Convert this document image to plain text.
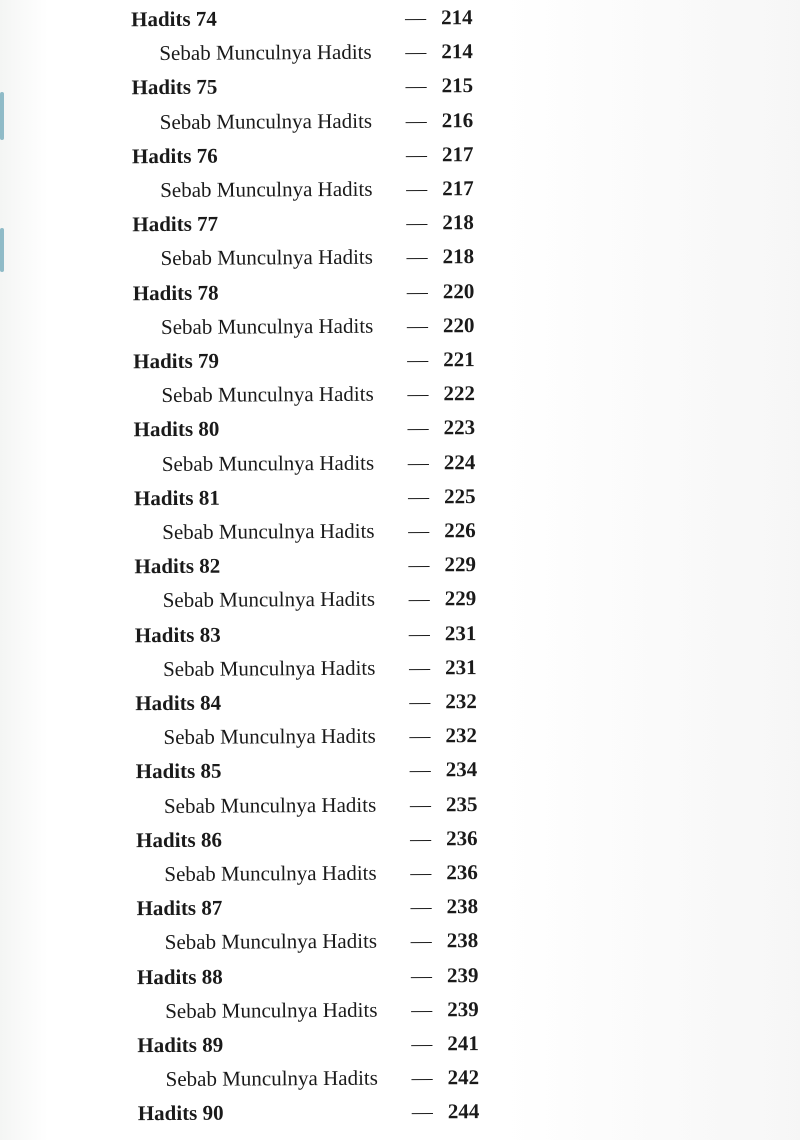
Hadits 74	— 214
Sebab Munculnya Hadits — 214
Hadits 75	— 215
Sebab Munculnya Hadits — 216
Hadits 76	— 217
Sebab Munculnya Hadits — 217
Hadits 77	— 218
Sebab Munculnya Hadits — 218
Hadits 78	— 220
Sebab Munculnya Hadits — 220
Hadits 79	— 221
Sebab Munculnya Hadits — 222
Hadits 80	— 223
Sebab Munculnya Hadits — 224
Hadits 81	— 225
Sebab Munculnya Hadits — 226
Hadits 82	— 229
Sebab Munculnya Hadits — 229
Hadits 83	— 231
Sebab Munculnya Hadits — 231
Hadits 84	— 232
Sebab Munculnya Hadits — 232
Hadits 85	— 234
Sebab Munculnya Hadits — 235
Hadits 86	— 236
Sebab Munculnya Hadits — 236
Hadits 87	— 238
Sebab Munculnya Hadits — 238
Hadits 88	— 239
Sebab Munculnya Hadits — 239
Hadits 89	— 241
Sebab Munculnya Hadits — 242
Hadits 90	— 244
